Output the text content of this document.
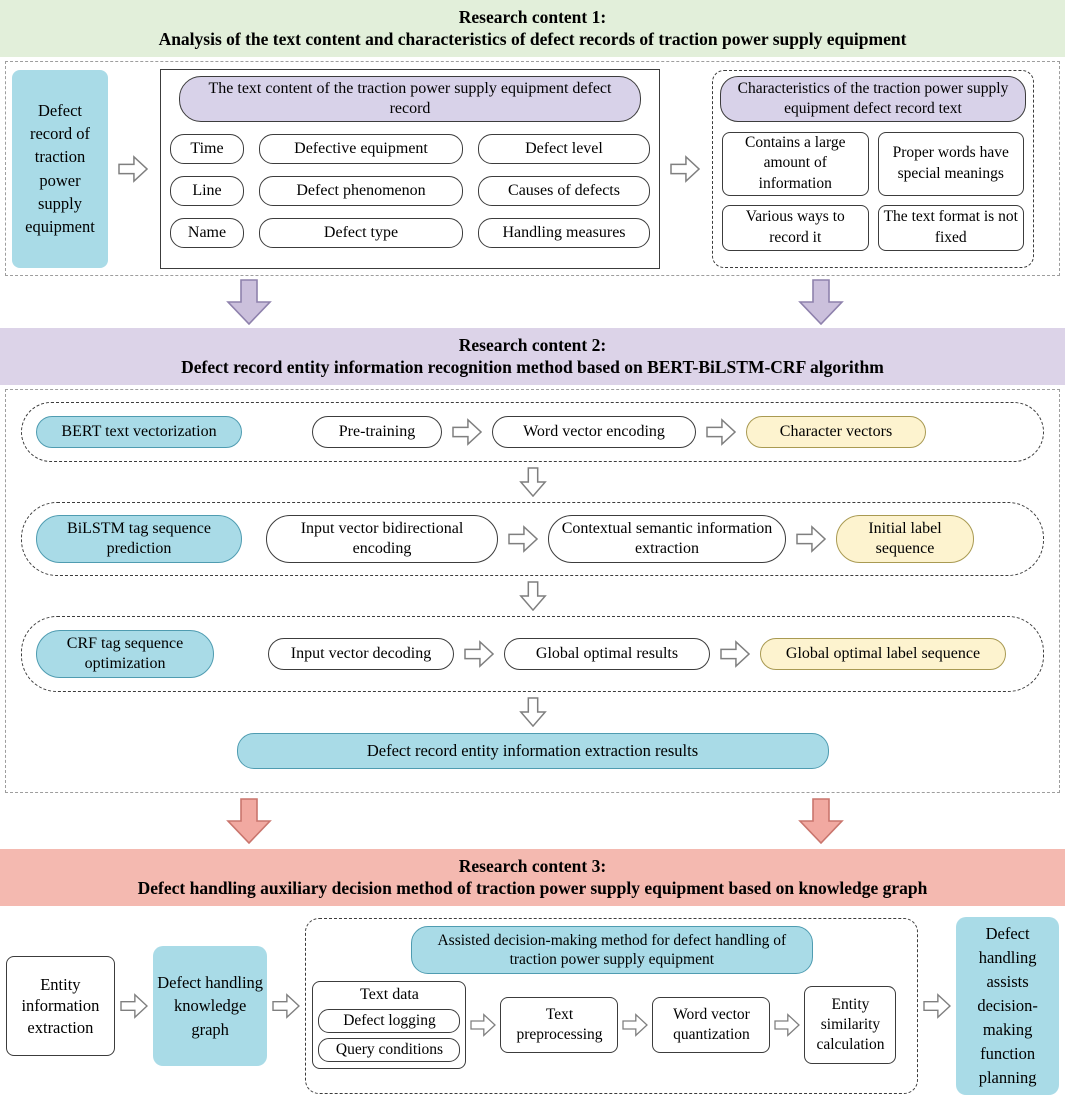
Research content 1:
Analysis of the text content and characteristics of defect records of traction power supply equipment
Defect record of traction power supply equipment
The text content of the traction power supply equipment defect record
Time	Defective equipment	Defect level
Line	Defect phenomenon	Causes of defects
Name	Defect type	Handling measures
Characteristics of the traction power supply equipment defect record text
Contains a large amount of information
Proper words have special meanings
Various ways to record it
The text format is not fixed
Research content 2:
Defect record entity information recognition method based on BERT-BiLSTM-CRF algorithm
BERT text vectorization	Pre-training	Word vector encoding	Character vectors
BiLSTM tag sequence prediction
Input vector bidirectional encoding
Contextual semantic information extraction
Initial label sequence
CRF tag sequence optimization
Input vector decoding	Global optimal results	Global optimal label sequence
Defect record entity information extraction results
Research content 3:
Defect handling auxiliary decision method of traction power supply equipment based on knowledge graph
Entity information extraction
Defect handling knowledge graph
Assisted decision-making method for defect handling of traction power supply equipment
Text data
Defect logging
Query conditions
Text preprocessing
Word vector quantization
Entity similarity calculation
Defect handling assists decision-making function planning
